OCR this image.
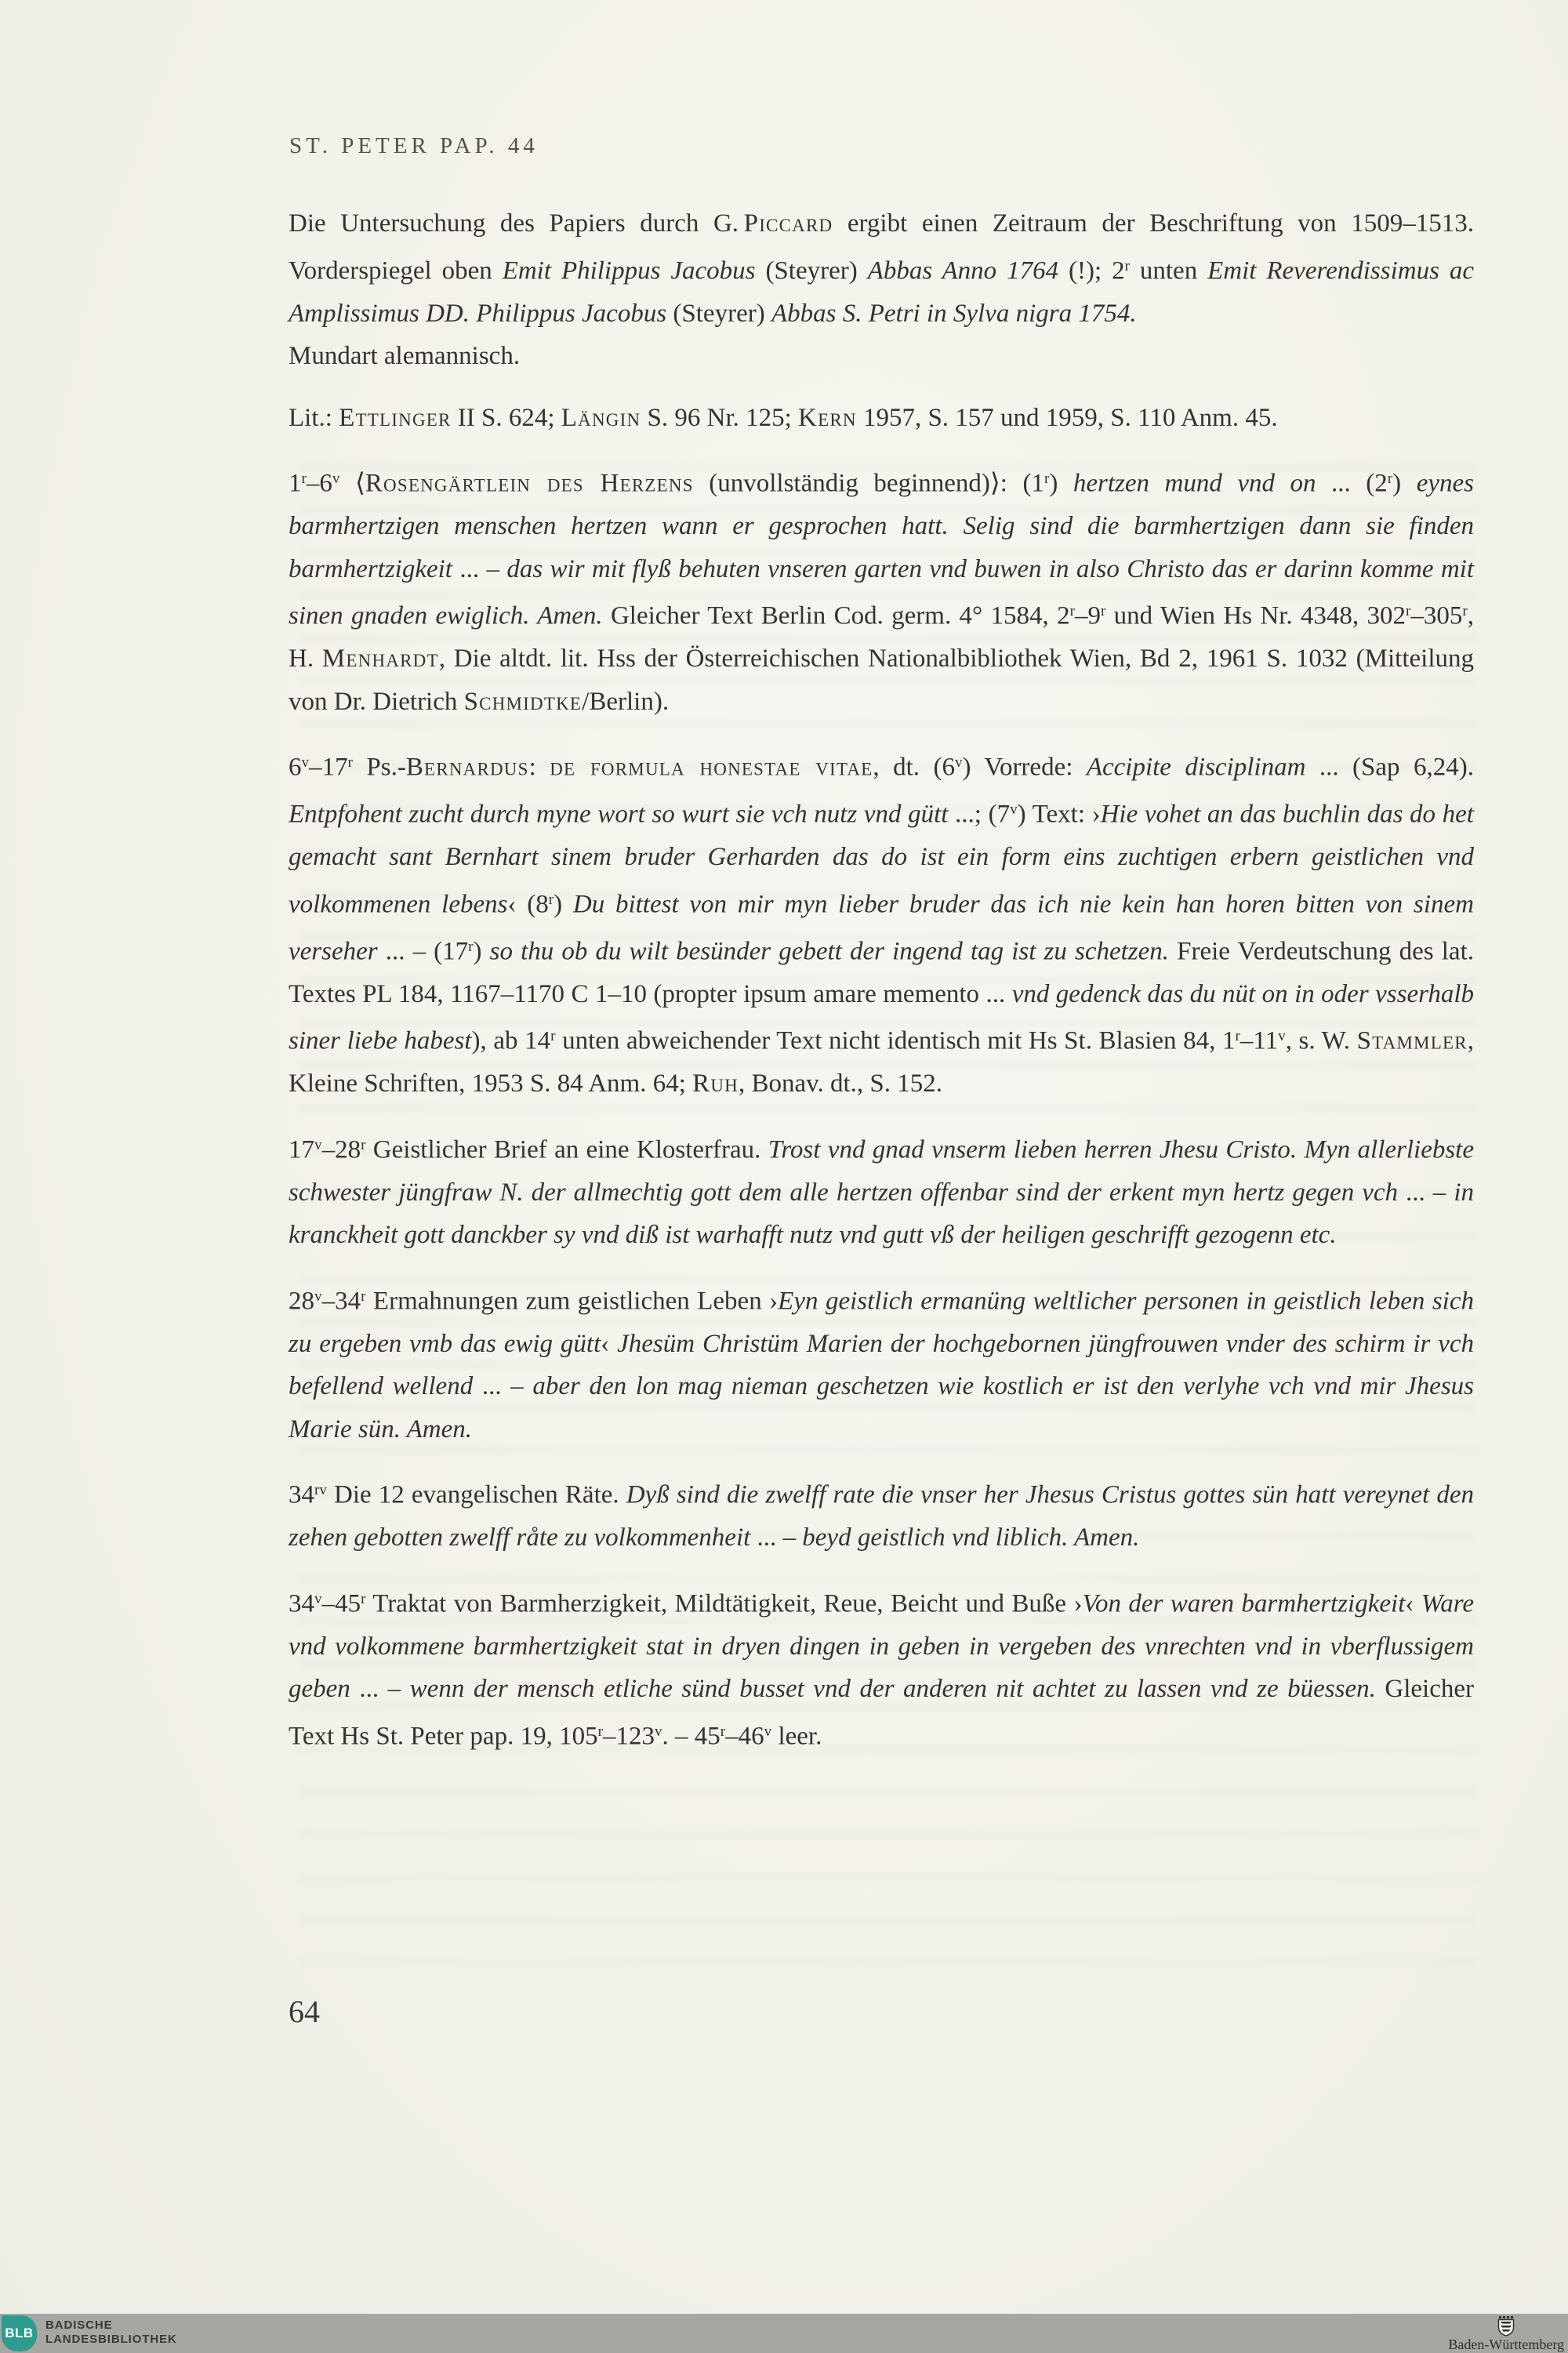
ST. PETER PAP. 44

Die Untersuchung des Papiers durch G. Piccard ergibt einen Zeitraum der Beschriftung von 1509–1513. Vorderspiegel oben Emit Philippus Jacobus (Steyrer) Abbas Anno 1764 (!); 2$^r$ unten Emit Reverendissimus ac Amplissimus DD. Philippus Jacobus (Steyrer) Abbas S. Petri in Sylva nigra 1754.

Mundart alemannisch.

Lit.: Ettlinger II S. 624; Längin S. 96 Nr. 125; Kern 1957, S. 157 und 1959, S. 110 Anm. 45.

1$^r$–6$^v$ ⟨Rosengärtlein des Herzens (unvollständig beginnend)⟩: (1$^r$) hertzen mund vnd on ... (2$^r$) eynes barmhertzigen menschen hertzen wann er gesprochen hatt. Selig sind die barmhertzigen dann sie finden barmhertzigkeit ... – das wir mit flyß behuten vnseren garten vnd buwen in also Christo das er darinn komme mit sinen gnaden ewiglich. Amen. Gleicher Text Berlin Cod. germ. 4° 1584, 2$^r$–9$^r$ und Wien Hs Nr. 4348, 302$^r$–305$^r$, H. Menhardt, Die altdt. lit. Hss der Österreichischen Nationalbibliothek Wien, Bd 2, 1961 S. 1032 (Mitteilung von Dr. Dietrich Schmidtke/Berlin).

6$^v$–17$^r$ Ps.-Bernardus: de formula honestae vitae, dt. (6$^v$) Vorrede: Accipite disciplinam ... (Sap 6,24). Entpfohent zucht durch myne wort so wurt sie vch nutz vnd gütt ...; (7$^v$) Text: ›Hie vohet an das buchlin das do het gemacht sant Bernhart sinem bruder Gerharden das do ist ein form eins zuchtigen erbern geistlichen vnd volkommenen lebens‹ (8$^r$) Du bittest von mir myn lieber bruder das ich nie kein han horen bitten von sinem verseher ... – (17$^r$) so thu ob du wilt besünder gebett der ingend tag ist zu schetzen. Freie Verdeutschung des lat. Textes PL 184, 1167–1170 C 1–10 (propter ipsum amare memento ... vnd gedenck das du nüt on in oder vsserhalb siner liebe habest), ab 14$^r$ unten abweichender Text nicht identisch mit Hs St. Blasien 84, 1$^r$–11$^v$, s. W. Stammler, Kleine Schriften, 1953 S. 84 Anm. 64; Ruh, Bonav. dt., S. 152.

17$^v$–28$^r$ Geistlicher Brief an eine Klosterfrau. Trost vnd gnad vnserm lieben herren Jhesu Cristo. Myn allerliebste schwester jüngfraw N. der allmechtig gott dem alle hertzen offenbar sind der erkent myn hertz gegen vch ... – in kranckheit gott danckber sy vnd diß ist warhafft nutz vnd gutt vß der heiligen geschrifft gezogenn etc.

28$^v$–34$^r$ Ermahnungen zum geistlichen Leben ›Eyn geistlich ermanüng weltlicher personen in geistlich leben sich zu ergeben vmb das ewig gütt‹ Jhesüm Christüm Marien der hochgebornen jüngfrouwen vnder des schirm ir vch befellend wellend ... – aber den lon mag nieman geschetzen wie kostlich er ist den verlyhe vch vnd mir Jhesus Marie sün. Amen.

$34^{rv}$ Die 12 evangelischen Räte. Dyß sind die zwelff rate die vnser her Jhesus Cristus gottes sün hatt vereynet den zehen gebotten zwelff råte zu volkommenheit ... – beyd geistlich vnd liblich. Amen.

34$^v$–45$^r$ Traktat von Barmherzigkeit, Mildtätigkeit, Reue, Beicht und Buße ›Von der waren barmhertzigkeit‹ Ware vnd volkommene barmhertzigkeit stat in dryen dingen in geben in vergeben des vnrechten vnd in vberflussigem geben ... – wenn der mensch etliche sünd busset vnd der anderen nit achtet zu lassen vnd ze büessen. Gleicher Text Hs St. Peter pap. 19, 105$^r$–123$^v$. – 45$^r$–46$^v$ leer.

64
BLB
BADISCHE
LANDESBIBLIOTHEK	Baden-Württemberg
